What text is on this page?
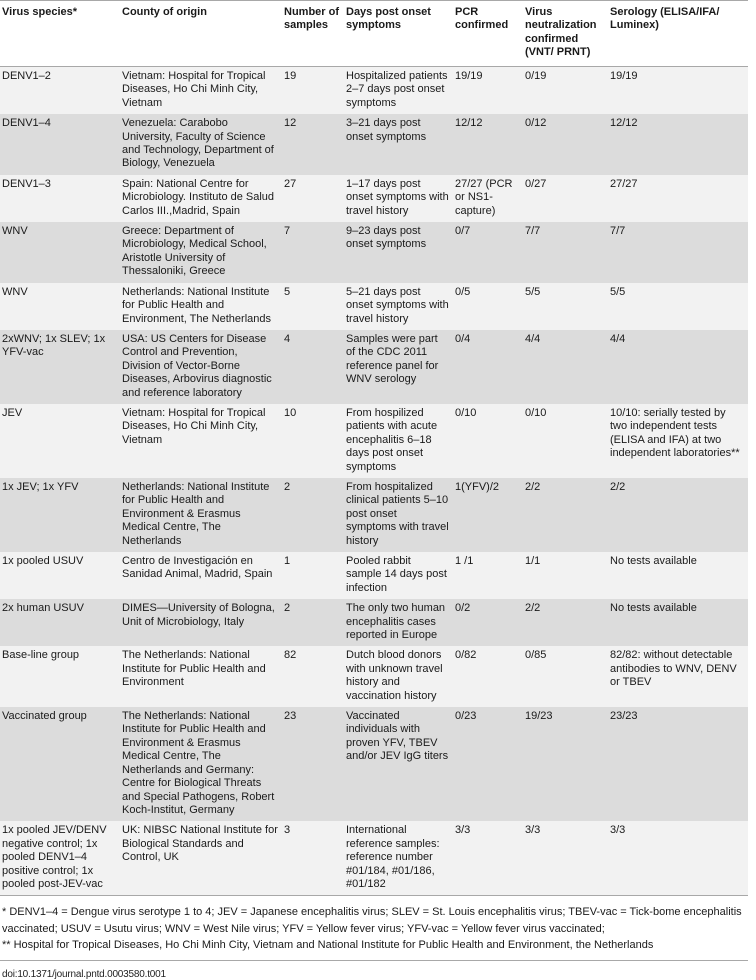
Virus species*	County of origin	Number of samples	Days post onset symptoms	PCR confirmed	Virus neutralization confirmed (VNT/ PRNT)	Serology (ELISA/IFA/ Luminex)
DENV1–2	Vietnam: Hospital for Tropical Diseases, Ho Chi Minh City, Vietnam	19	Hospitalized patients 2–7 days post onset symptoms	19/19	0/19	19/19
DENV1–4	Venezuela: Carabobo University, Faculty of Science and Technology, Department of Biology, Venezuela	12	3–21 days post onset symptoms	12/12	0/12	12/12
DENV1–3	Spain: National Centre for Microbiology. Instituto de Salud Carlos III.,Madrid, Spain	27	1–17 days post onset symptoms with travel history	27/27 (PCR or NS1-capture)	0/27	27/27
WNV	Greece: Department of Microbiology, Medical School, Aristotle University of Thessaloniki, Greece	7	9–23 days post onset symptoms	0/7	7/7	7/7
WNV	Netherlands: National Institute for Public Health and Environment, The Netherlands	5	5–21 days post onset symptoms with travel history	0/5	5/5	5/5
2xWNV; 1x SLEV; 1x YFV-vac	USA: US Centers for Disease Control and Prevention, Division of Vector-Borne Diseases, Arbovirus diagnostic and reference laboratory	4	Samples were part of the CDC 2011 reference panel for WNV serology	0/4	4/4	4/4
JEV	Vietnam: Hospital for Tropical Diseases, Ho Chi Minh City, Vietnam	10	From hospilized patients with acute encephalitis 6–18 days post onset symptoms	0/10	0/10	10/10: serially tested by two independent tests (ELISA and IFA) at two independent laboratories**
1x JEV; 1x YFV	Netherlands: National Institute for Public Health and Environment & Erasmus Medical Centre, The Netherlands	2	From hospitalized clinical patients 5–10 post onset symptoms with travel history	1(YFV)/2	2/2	2/2
1x pooled USUV	Centro de Investigación en Sanidad Animal, Madrid, Spain	1	Pooled rabbit sample 14 days post infection	1 /1	1/1	No tests available
2x human USUV	DIMES—University of Bologna, Unit of Microbiology, Italy	2	The only two human encephalitis cases reported in Europe	0/2	2/2	No tests available
Base-line group	The Netherlands: National Institute for Public Health and Environment	82	Dutch blood donors with unknown travel history and vaccination history	0/82	0/85	82/82: without detectable antibodies to WNV, DENV or TBEV
Vaccinated group	The Netherlands: National Institute for Public Health and Environment & Erasmus Medical Centre, The Netherlands and Germany: Centre for Biological Threats and Special Pathogens, Robert Koch-Institut, Germany	23	Vaccinated individuals with proven YFV, TBEV and/or JEV IgG titers	0/23	19/23	23/23
1x pooled JEV/DENV negative control; 1x pooled DENV1–4 positive control; 1x pooled post-JEV-vac	UK: NIBSC National Institute for Biological Standards and Control, UK	3	International reference samples: reference number #01/184, #01/186, #01/182	3/3	3/3	3/3
* DENV1–4 = Dengue virus serotype 1 to 4; JEV = Japanese encephalitis virus; SLEV = St. Louis encephalitis virus; TBEV-vac = Tick-bome encephalitis vaccinated; USUV = Usutu virus; WNV = West Nile virus; YFV = Yellow fever virus; YFV-vac = Yellow fever virus vaccinated;
** Hospital for Tropical Diseases, Ho Chi Minh City, Vietnam and National Institute for Public Health and Environment, the Netherlands
doi:10.1371/journal.pntd.0003580.t001
